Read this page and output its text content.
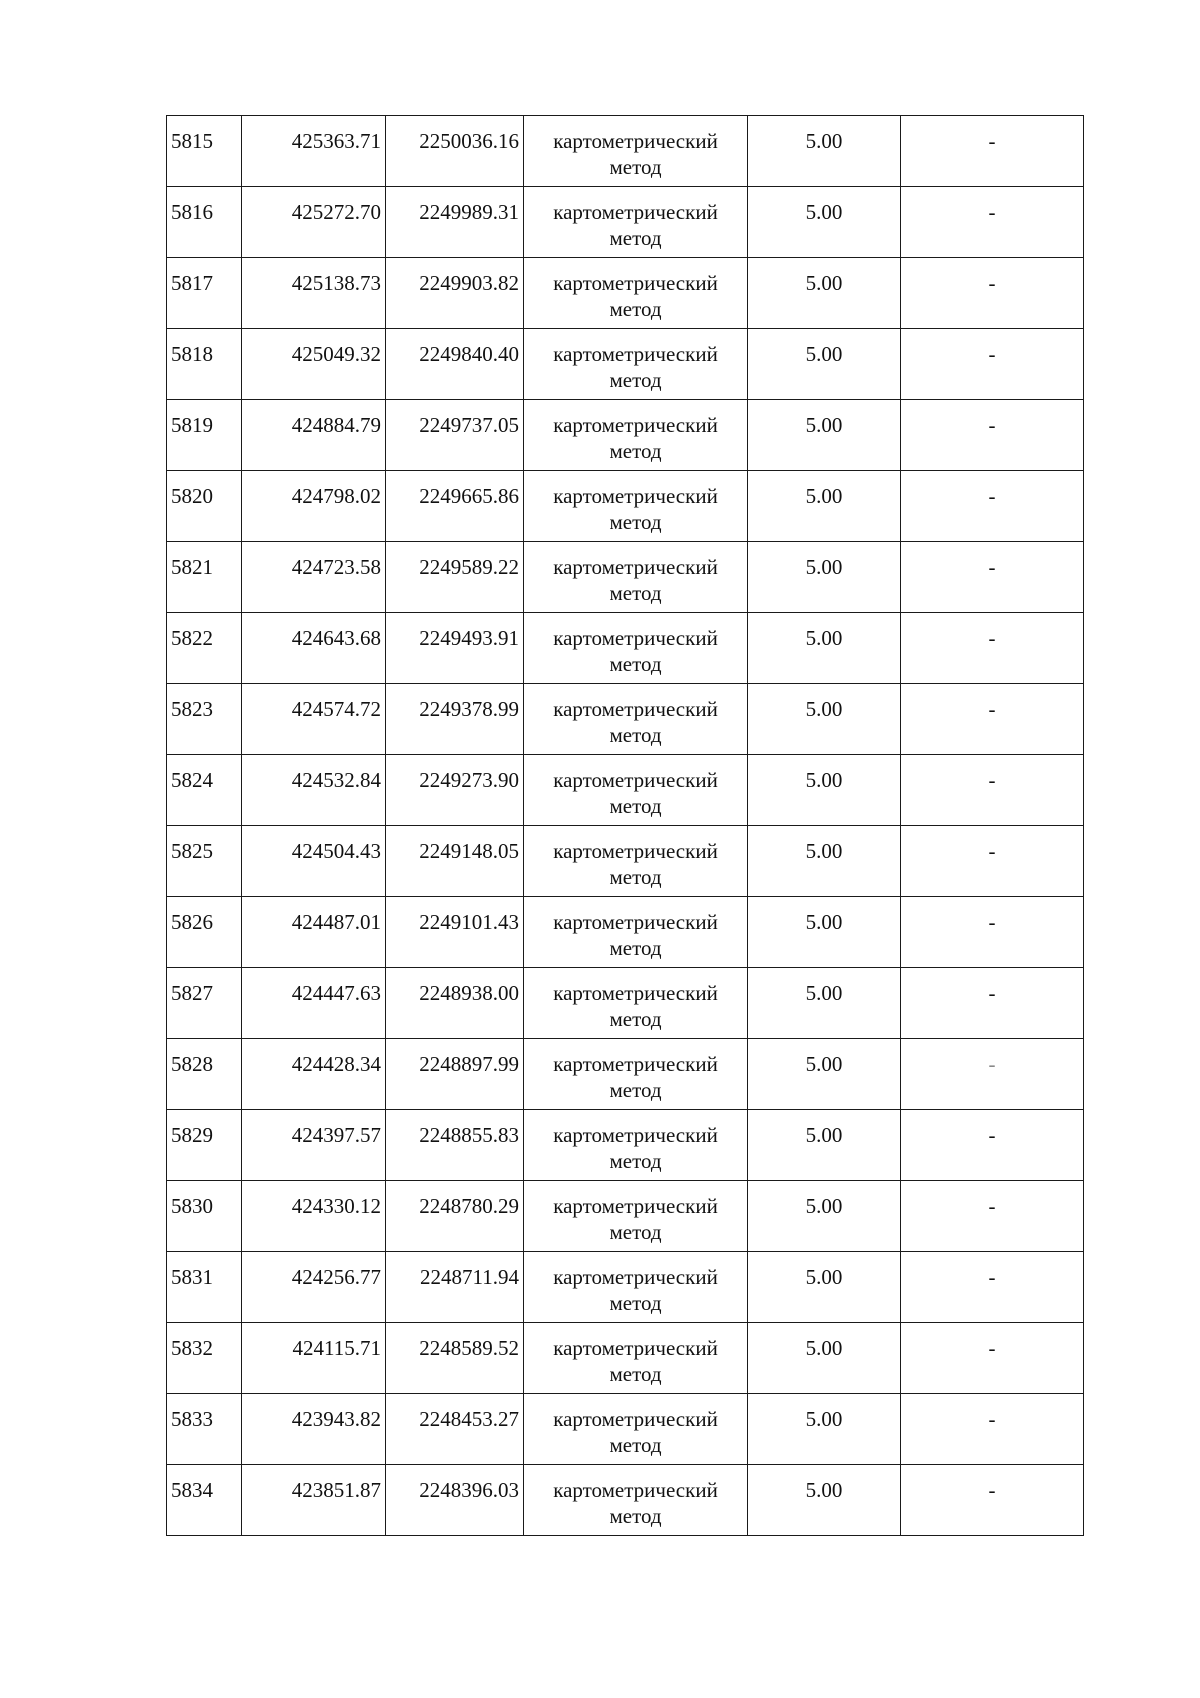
5815	425363.71	2250036.16	картометрический метод	5.00	-
5816	425272.70	2249989.31	картометрический метод	5.00	-
5817	425138.73	2249903.82	картометрический метод	5.00	-
5818	425049.32	2249840.40	картометрический метод	5.00	-
5819	424884.79	2249737.05	картометрический метод	5.00	-
5820	424798.02	2249665.86	картометрический метод	5.00	-
5821	424723.58	2249589.22	картометрический метод	5.00	-
5822	424643.68	2249493.91	картометрический метод	5.00	-
5823	424574.72	2249378.99	картометрический метод	5.00	-
5824	424532.84	2249273.90	картометрический метод	5.00	-
5825	424504.43	2249148.05	картометрический метод	5.00	-
5826	424487.01	2249101.43	картометрический метод	5.00	-
5827	424447.63	2248938.00	картометрический метод	5.00	-
5828	424428.34	2248897.99	картометрический метод	5.00	-
5829	424397.57	2248855.83	картометрический метод	5.00	-
5830	424330.12	2248780.29	картометрический метод	5.00	-
5831	424256.77	2248711.94	картометрический метод	5.00	-
5832	424115.71	2248589.52	картометрический метод	5.00	-
5833	423943.82	2248453.27	картометрический метод	5.00	-
5834	423851.87	2248396.03	картометрический метод	5.00	-
